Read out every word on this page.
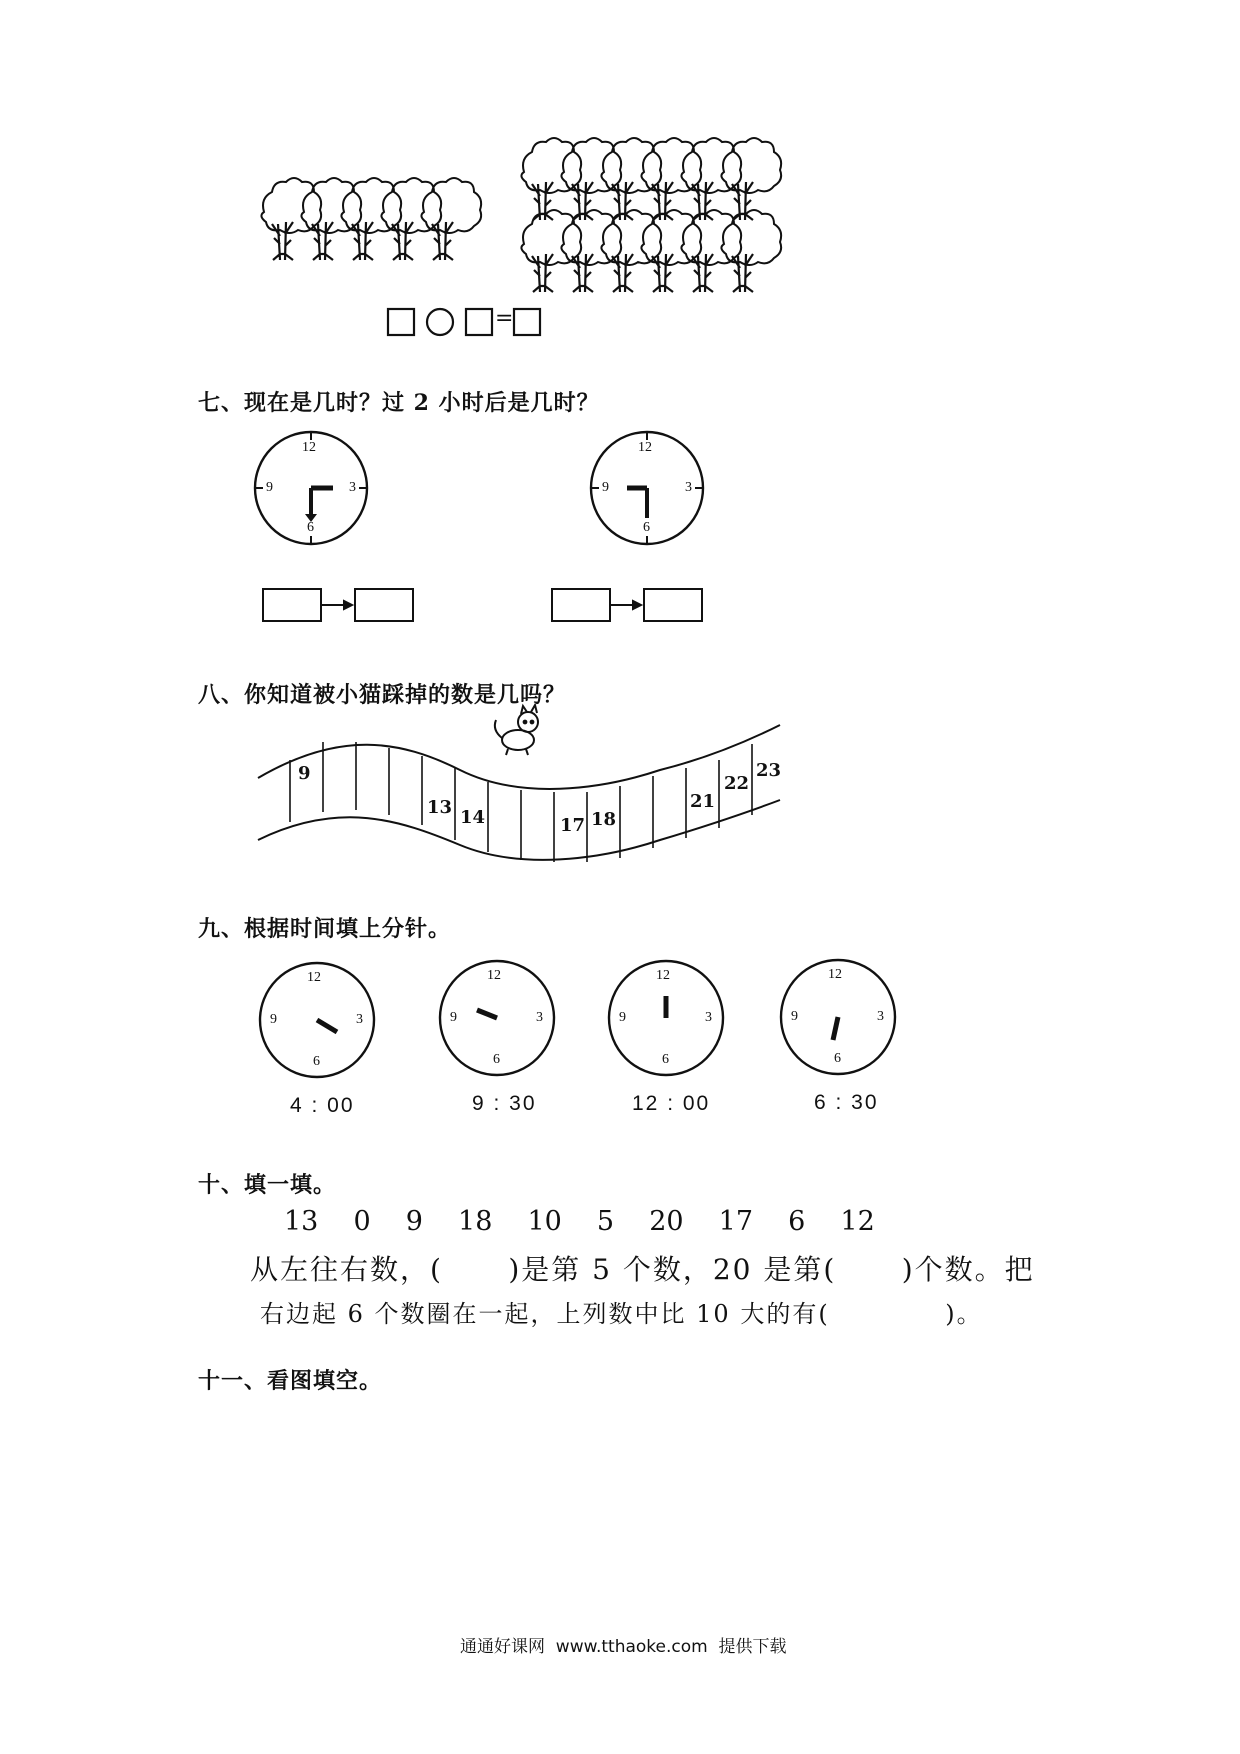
=
七、现在是几时？过 2 小时后是几时？
12
3
6
9
12
3
6
9
八、你知道被小猫踩掉的数是几吗？
9
13 14	17 18
21
22
23
九、根据时间填上分针。
12
3
6
9
12
3
6
9
12
3
6
9
12
3
6
9
4 : 00	9 : 30	12 : 00	6 : 30
十、填一填。
13 0 9 18 10 5 20 17 6 12
从左往右数，(      )是第 5 个数，20 是第(      )个数。把
右边起 6 个数圈在一起，上列数中比 10 大的有(            )。
十一、看图填空。
通通好课网  www.tthaoke.com  提供下载
